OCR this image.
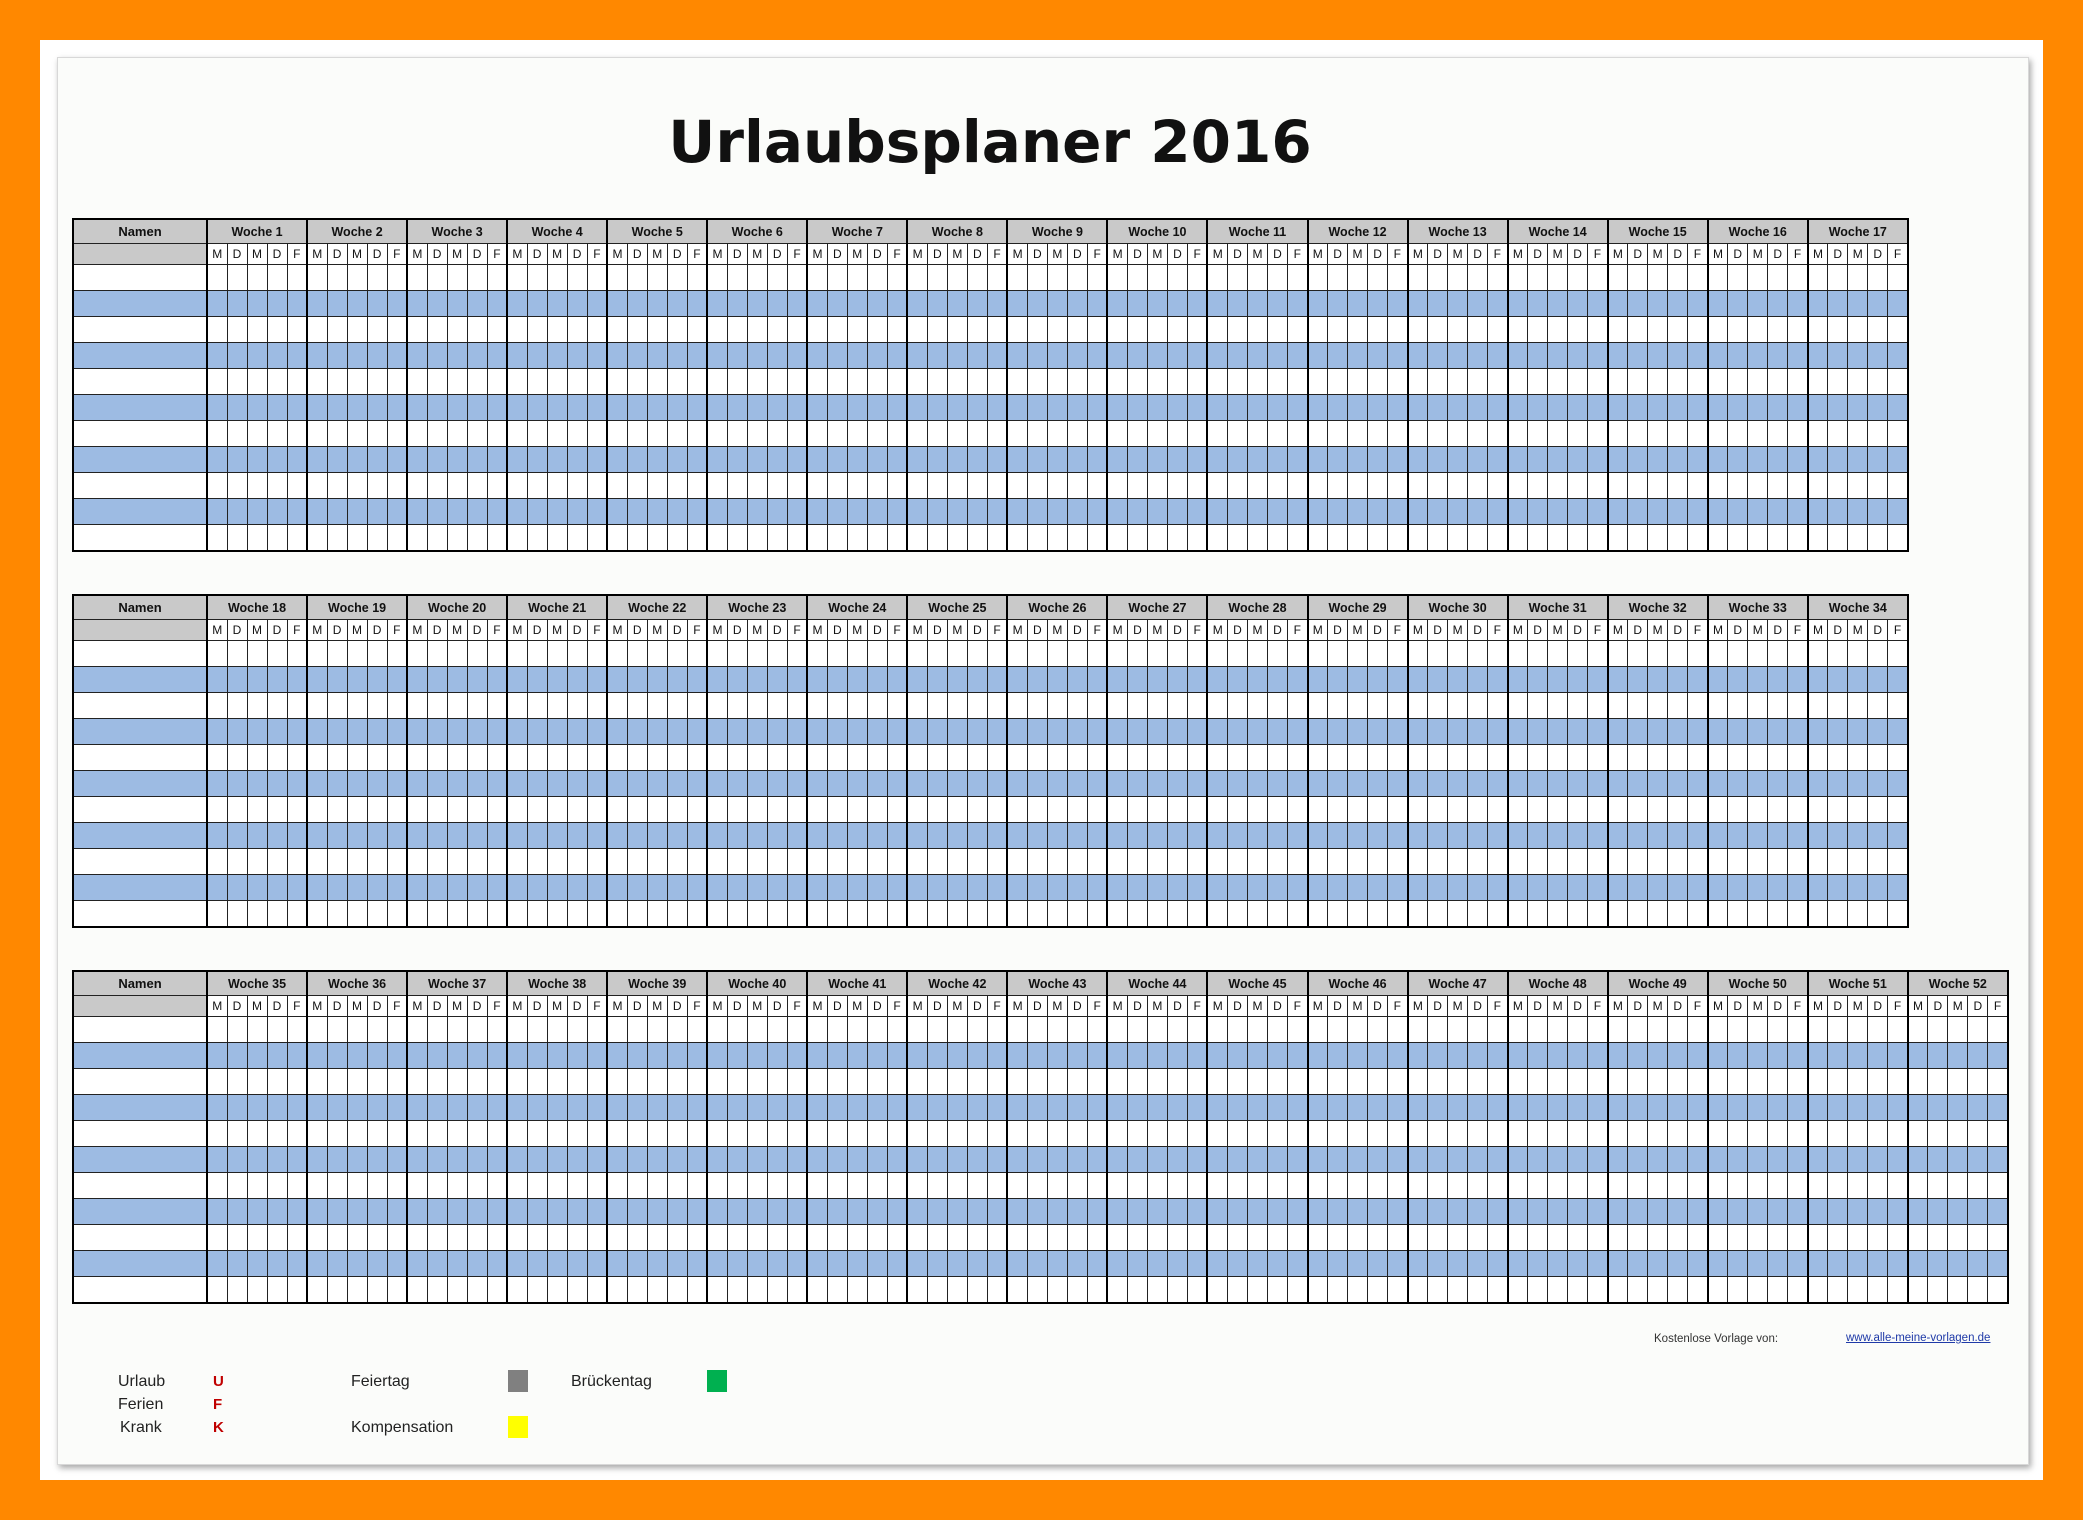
Urlaubsplaner 2016
Namen	Woche 1	Woche 2	Woche 3	Woche 4	Woche 5	Woche 6	Woche 7	Woche 8	Woche 9	Woche 10	Woche 11	Woche 12	Woche 13	Woche 14	Woche 15	Woche 16	Woche 17
	M	D	M	D	F	M	D	M	D	F	M	D	M	D	F	M	D	M	D	F	M	D	M	D	F	M	D	M	D	F	M	D	M	D	F	M	D	M	D	F	M	D	M	D	F	M	D	M	D	F	M	D	M	D	F	M	D	M	D	F	M	D	M	D	F	M	D	M	D	F	M	D	M	D	F	M	D	M	D	F	M	D	M	D	F

Namen	Woche 18	Woche 19	Woche 20	Woche 21	Woche 22	Woche 23	Woche 24	Woche 25	Woche 26	Woche 27	Woche 28	Woche 29	Woche 30	Woche 31	Woche 32	Woche 33	Woche 34
	M	D	M	D	F	M	D	M	D	F	M	D	M	D	F	M	D	M	D	F	M	D	M	D	F	M	D	M	D	F	M	D	M	D	F	M	D	M	D	F	M	D	M	D	F	M	D	M	D	F	M	D	M	D	F	M	D	M	D	F	M	D	M	D	F	M	D	M	D	F	M	D	M	D	F	M	D	M	D	F	M	D	M	D	F

Namen	Woche 35	Woche 36	Woche 37	Woche 38	Woche 39	Woche 40	Woche 41	Woche 42	Woche 43	Woche 44	Woche 45	Woche 46	Woche 47	Woche 48	Woche 49	Woche 50	Woche 51	Woche 52
	M	D	M	D	F	M	D	M	D	F	M	D	M	D	F	M	D	M	D	F	M	D	M	D	F	M	D	M	D	F	M	D	M	D	F	M	D	M	D	F	M	D	M	D	F	M	D	M	D	F	M	D	M	D	F	M	D	M	D	F	M	D	M	D	F	M	D	M	D	F	M	D	M	D	F	M	D	M	D	F	M	D	M	D	F	M	D	M	D	F

Kostenlose Vorlage von:	www.alle-meine-vorlagen.de
Urlaub	U
Ferien	F
Krank	K
Feiertag	Brückentag
Kompensation
